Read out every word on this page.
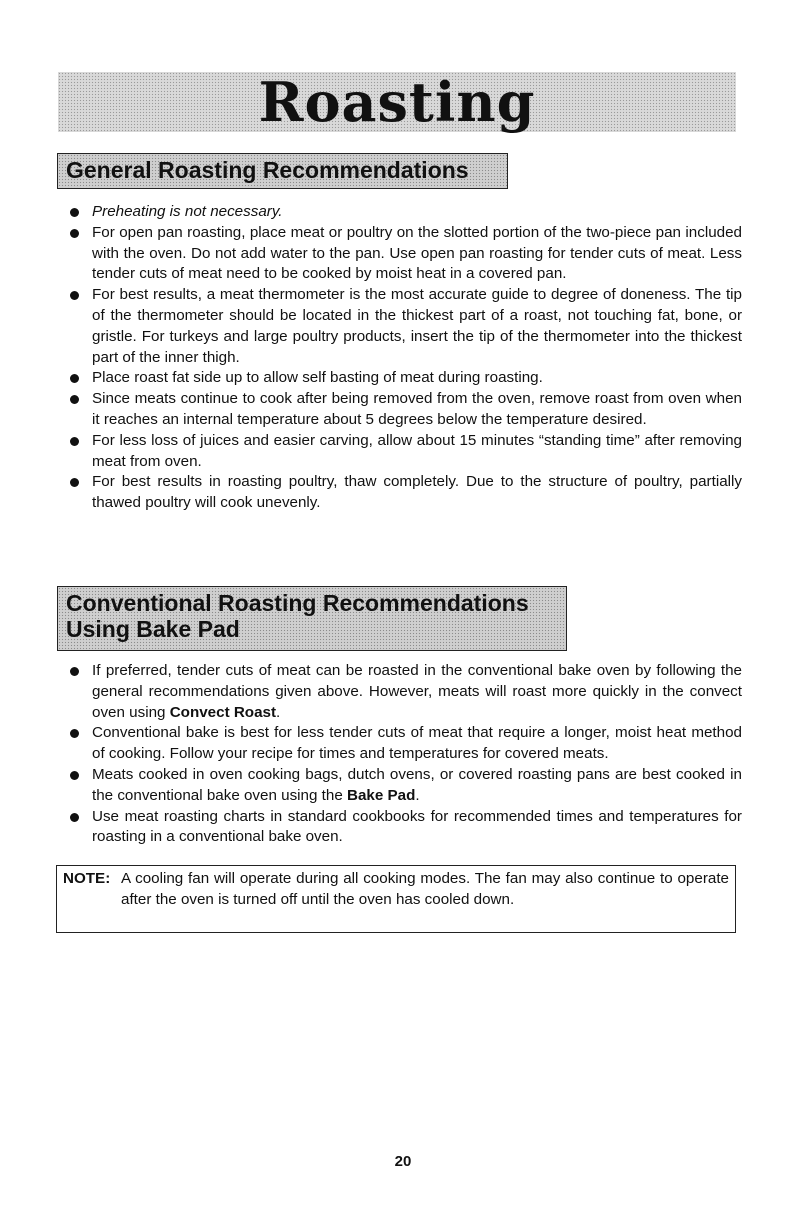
Roasting
General Roasting Recommendations
Preheating is not necessary.
For open pan roasting, place meat or poultry on the slotted portion of the two-piece pan included with the oven. Do not add water to the pan. Use open pan roasting for tender cuts of meat. Less tender cuts of meat need to be cooked by moist heat in a covered pan.
For best results, a meat thermometer is the most accurate guide to degree of doneness. The tip of the thermometer should be located in the thickest part of a roast, not touching fat, bone, or gristle. For turkeys and large poultry products, insert the tip of the thermometer into the thickest part of the inner thigh.
Place roast fat side up to allow self basting of meat during roasting.
Since meats continue to cook after being removed from the oven, remove roast from oven when it reaches an internal temperature about 5 degrees below the temperature desired.
For less loss of juices and easier carving, allow about 15 minutes “standing time” after removing meat from oven.
For best results in roasting poultry, thaw completely. Due to the structure of poultry, partially thawed poultry will cook unevenly.
Conventional Roasting Recommendations
Using Bake Pad
If preferred, tender cuts of meat can be roasted in the conventional bake oven by following the general recommendations given above. However, meats will roast more quickly in the convect oven using Convect Roast.
Conventional bake is best for less tender cuts of meat that require a longer, moist heat method of cooking. Follow your recipe for times and temperatures for covered meats.
Meats cooked in oven cooking bags, dutch ovens, or covered roasting pans are best cooked in the conventional bake oven using the Bake Pad.
Use meat roasting charts in standard cookbooks for recommended times and temperatures for roasting in a conventional bake oven.
NOTE: A cooling fan will operate during all cooking modes. The fan may also continue to operate after the oven is turned off until the oven has cooled down.
20
